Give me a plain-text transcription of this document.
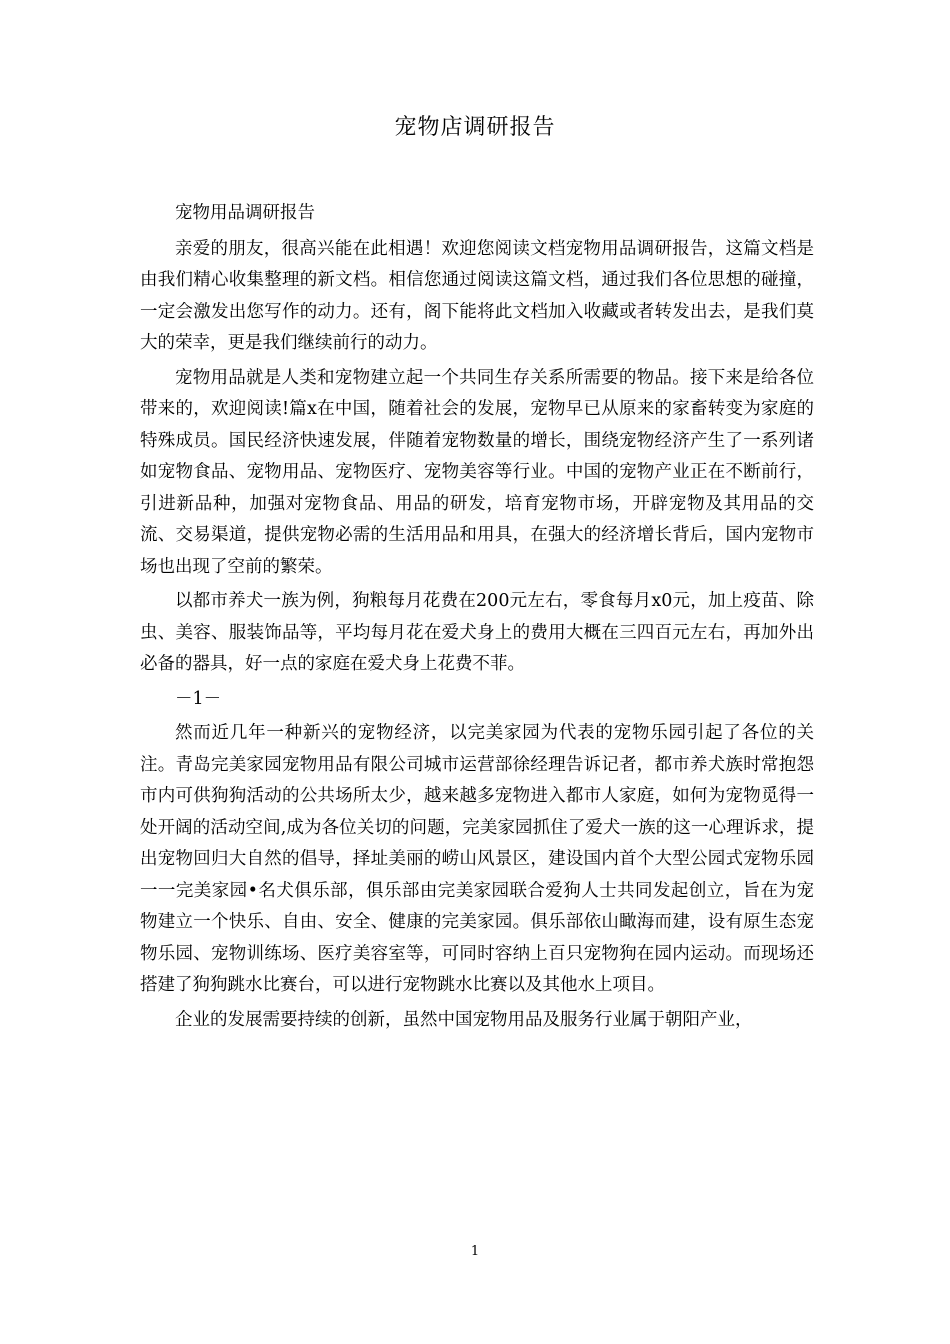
宠物店调研报告

宠物用品调研报告

亲爱的朋友，很高兴能在此相遇！欢迎您阅读文档宠物用品调研报告，这篇文档是由我们精心收集整理的新文档。相信您通过阅读这篇文档，通过我们各位思想的碰撞，一定会激发出您写作的动力。还有，阁下能将此文档加入收藏或者转发出去，是我们莫大的荣幸，更是我们继续前行的动力。

宠物用品就是人类和宠物建立起一个共同生存关系所需要的物品。接下来是给各位带来的，欢迎阅读!篇x在中国，随着社会的发展，宠物早已从原来的家畜转变为家庭的特殊成员。国民经济快速发展，伴随着宠物数量的增长，围绕宠物经济产生了一系列诸如宠物食品、宠物用品、宠物医疗、宠物美容等行业。中国的宠物产业正在不断前行，引进新品种，加强对宠物食品、用品的研发，培育宠物市场，开辟宠物及其用品的交流、交易渠道，提供宠物必需的生活用品和用具，在强大的经济增长背后，国内宠物市场也出现了空前的繁荣。

以都市养犬一族为例，狗粮每月花费在200元左右，零食每月x0元，加上疫苗、除虫、美容、服装饰品等，平均每月花在爱犬身上的费用大概在三四百元左右，再加外出必备的器具，好一点的家庭在爱犬身上花费不菲。

－1－

然而近几年一种新兴的宠物经济，以完美家园为代表的宠物乐园引起了各位的关注。青岛完美家园宠物用品有限公司城市运营部徐经理告诉记者，都市养犬族时常抱怨市内可供狗狗活动的公共场所太少，越来越多宠物进入都市人家庭，如何为宠物觅得一处开阔的活动空间,成为各位关切的问题，完美家园抓住了爱犬一族的这一心理诉求，提出宠物回归大自然的倡导，择址美丽的崂山风景区，建设国内首个大型公园式宠物乐园一一完美家园•名犬俱乐部，俱乐部由完美家园联合爱狗人士共同发起创立，旨在为宠物建立一个快乐、自由、安全、健康的完美家园。俱乐部依山瞰海而建，设有原生态宠物乐园、宠物训练场、医疗美容室等，可同时容纳上百只宠物狗在园内运动。而现场还搭建了狗狗跳水比赛台，可以进行宠物跳水比赛以及其他水上项目。

企业的发展需要持续的创新，虽然中国宠物用品及服务行业属于朝阳产业，

1
